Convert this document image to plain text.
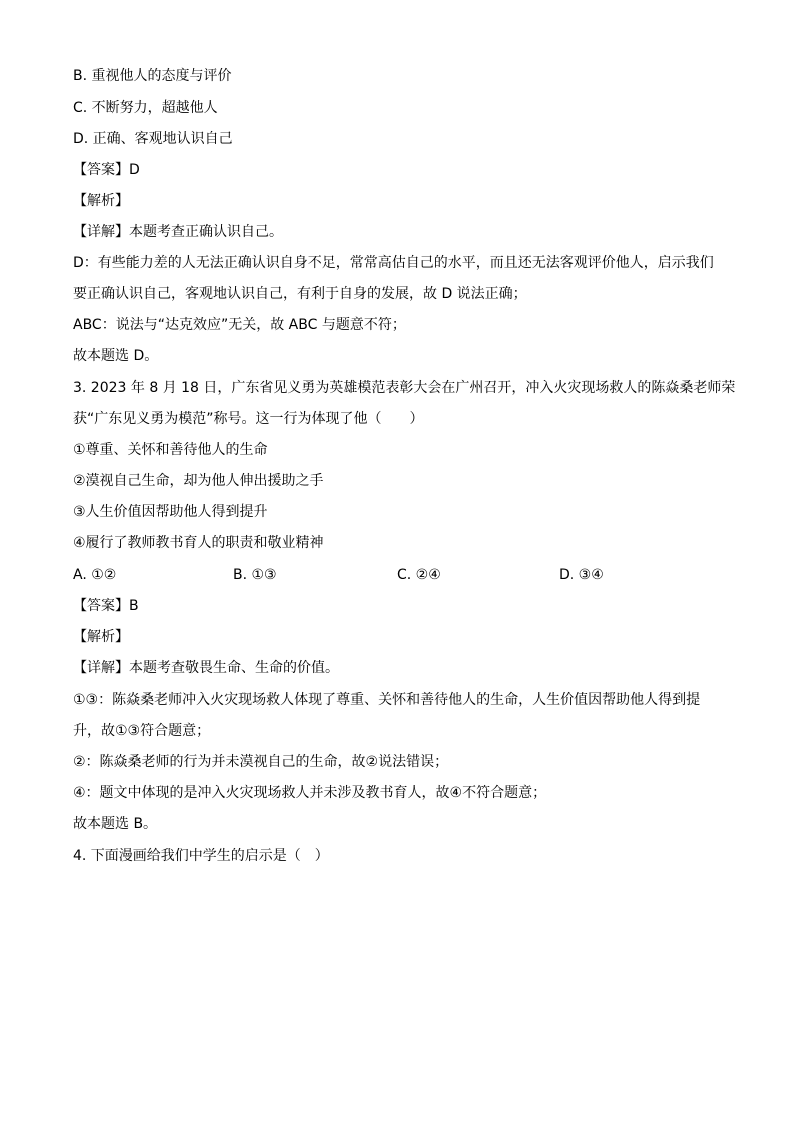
B. 重视他人的态度与评价
C. 不断努力，超越他人
D. 正确、客观地认识自己
【答案】D
【解析】
【详解】本题考查正确认识自己。
D：有些能力差的人无法正确认识自身不足，常常高估自己的水平，而且还无法客观评价他人，启示我们
要正确认识自己，客观地认识自己，有利于自身的发展，故 D 说法正确；
ABC：说法与“达克效应”无关，故 ABC 与题意不符；
故本题选 D。
3. 2023 年 8 月 18 日，广东省见义勇为英雄模范表彰大会在广州召开，冲入火灾现场救人的陈焱桑老师荣
获“广东见义勇为模范”称号。这一行为体现了他（　　）
①尊重、关怀和善待他人的生命
②漠视自己生命，却为他人伸出援助之手
③人生价值因帮助他人得到提升
④履行了教师教书育人的职责和敬业精神
A. ①②	B. ①③	C. ②④	D. ③④
【答案】B
【解析】
【详解】本题考查敬畏生命、生命的价值。
①③：陈焱桑老师冲入火灾现场救人体现了尊重、关怀和善待他人的生命，人生价值因帮助他人得到提
升，故①③符合题意；
②：陈焱桑老师的行为并未漠视自己的生命，故②说法错误；
④：题文中体现的是冲入火灾现场救人并未涉及教书育人，故④不符合题意；
故本题选 B。
4. 下面漫画给我们中学生的启示是（　）
